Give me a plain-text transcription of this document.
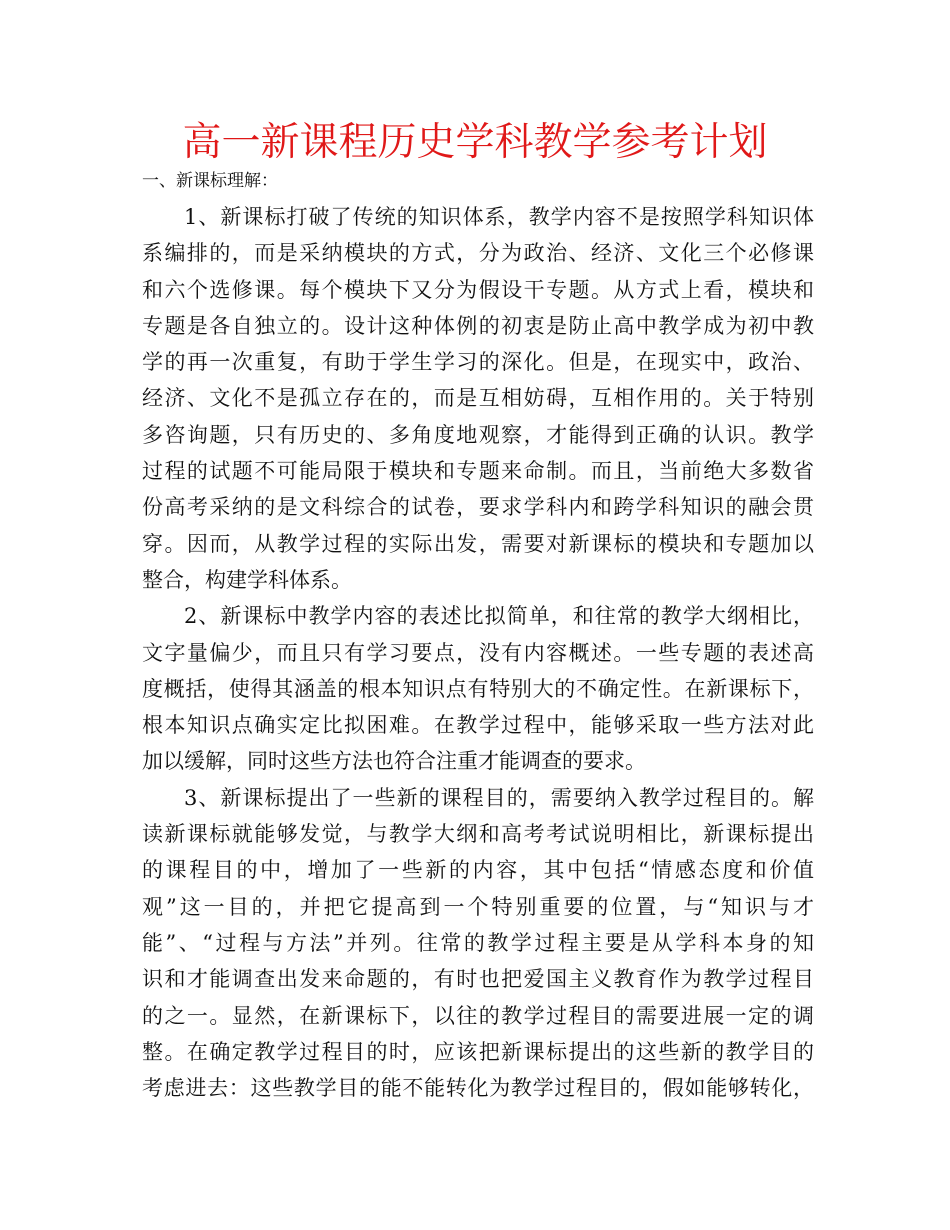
高一新课程历史学科教学参考计划
一、新课标理解：
1、新课标打破了传统的知识体系，教学内容不是按照学科知识体
系编排的，而是采纳模块的方式，分为政治、经济、文化三个必修课
和六个选修课。每个模块下又分为假设干专题。从方式上看，模块和
专题是各自独立的。设计这种体例的初衷是防止高中教学成为初中教
学的再一次重复，有助于学生学习的深化。但是，在现实中，政治、
经济、文化不是孤立存在的，而是互相妨碍，互相作用的。关于特别
多咨询题，只有历史的、多角度地观察，才能得到正确的认识。教学
过程的试题不可能局限于模块和专题来命制。而且，当前绝大多数省
份高考采纳的是文科综合的试卷，要求学科内和跨学科知识的融会贯
穿。因而，从教学过程的实际出发，需要对新课标的模块和专题加以
整合，构建学科体系。
2、新课标中教学内容的表述比拟简单，和往常的教学大纲相比，
文字量偏少，而且只有学习要点，没有内容概述。一些专题的表述高
度概括，使得其涵盖的根本知识点有特别大的不确定性。在新课标下，
根本知识点确实定比拟困难。在教学过程中，能够采取一些方法对此
加以缓解，同时这些方法也符合注重才能调查的要求。
3、新课标提出了一些新的课程目的，需要纳入教学过程目的。解
读新课标就能够发觉，与教学大纲和高考考试说明相比，新课标提出
的课程目的中，增加了一些新的内容，其中包括“情感态度和价值
观”这一目的，并把它提高到一个特别重要的位置，与“知识与才
能”、“过程与方法”并列。往常的教学过程主要是从学科本身的知
识和才能调查出发来命题的，有时也把爱国主义教育作为教学过程目
的之一。显然，在新课标下，以往的教学过程目的需要进展一定的调
整。在确定教学过程目的时，应该把新课标提出的这些新的教学目的
考虑进去：这些教学目的能不能转化为教学过程目的，假如能够转化，
